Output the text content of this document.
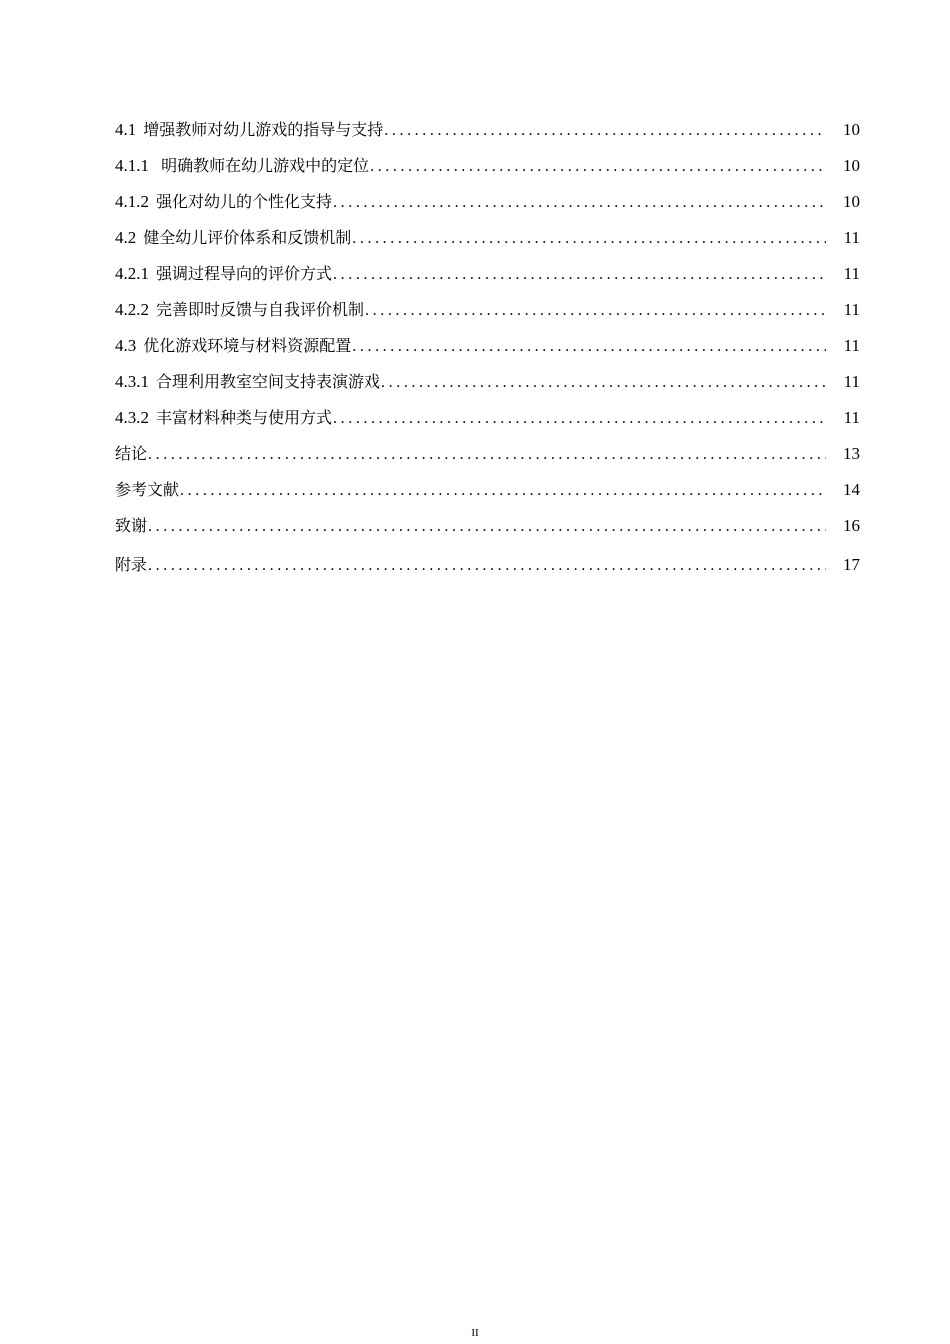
4.1 增强教师对幼儿游戏的指导与支持 .....	10
4.1.1 明确教师在幼儿游戏中的定位 .....	10
4.1.2 强化对幼儿的个性化支持 .....	10
4.2 健全幼儿评价体系和反馈机制 .....	11
4.2.1 强调过程导向的评价方式 .....	11
4.2.2 完善即时反馈与自我评价机制 .....	11
4.3 优化游戏环境与材料资源配置 .....	11
4.3.1 合理利用教室空间支持表演游戏 .....	11
4.3.2 丰富材料种类与使用方式 .....	11
结论 .....	13
参考文献 .....	14
致谢 .....	16
附录 .....	17
II
